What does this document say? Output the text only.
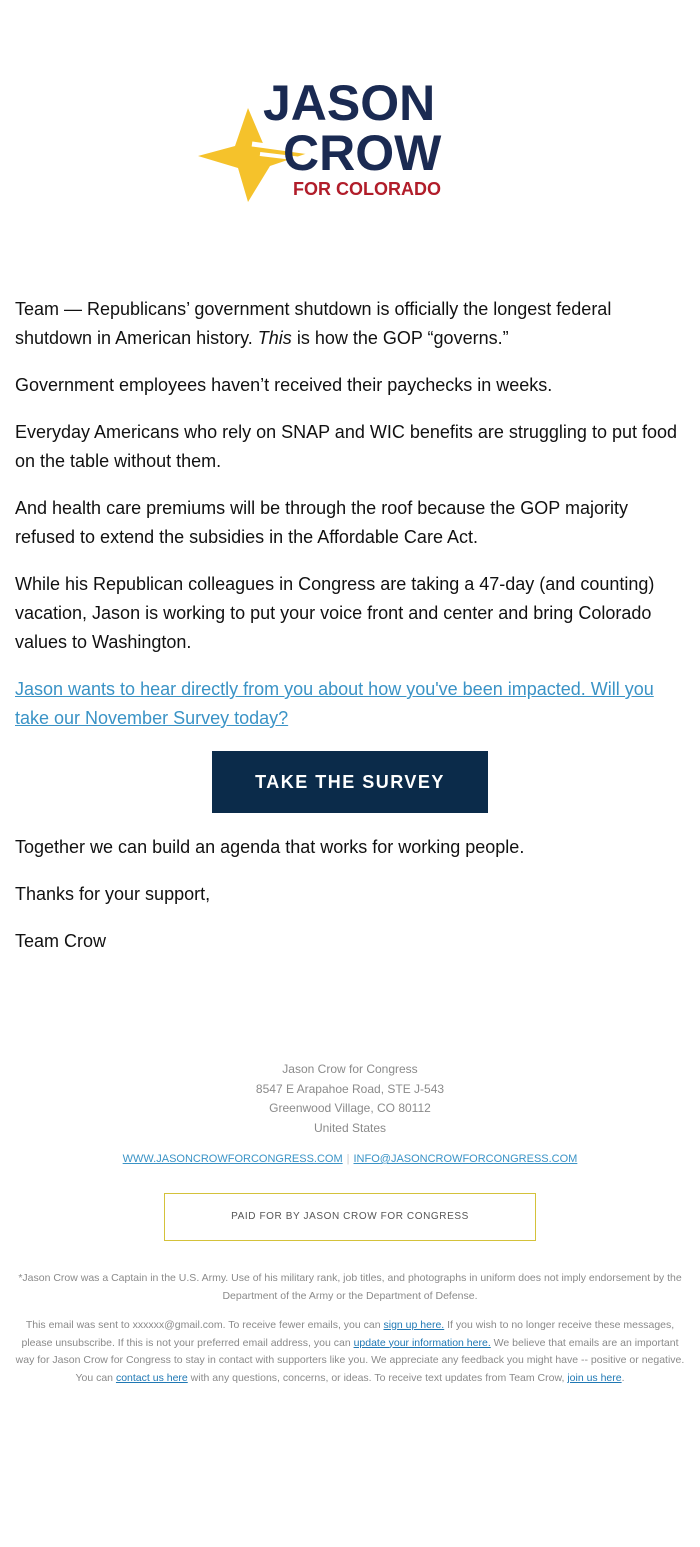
JASON
CROW
FOR COLORADO

Team — Republicans’ government shutdown is officially the longest federal shutdown in American history. This is how the GOP “governs.”

Government employees haven’t received their paychecks in weeks.

Everyday Americans who rely on SNAP and WIC benefits are struggling to put food on the table without them.

And health care premiums will be through the roof because the GOP majority refused to extend the subsidies in the Affordable Care Act.

While his Republican colleagues in Congress are taking a 47-day (and counting) vacation, Jason is working to put your voice front and center and bring Colorado values to Washington.

Jason wants to hear directly from you about how you've been impacted. Will you take our November Survey today?

TAKE THE SURVEY

Together we can build an agenda that works for working people.

Thanks for your support,

Team Crow

Jason Crow for Congress
8547 E Arapahoe Road, STE J-543
Greenwood Village, CO 80112
United States
WWW.JASONCROWFORCONGRESS.COM | INFO@JASONCROWFORCONGRESS.COM
PAID FOR BY JASON CROW FOR CONGRESS
*Jason Crow was a Captain in the U.S. Army. Use of his military rank, job titles, and photographs in uniform does not imply endorsement by the Department of the Army or the Department of Defense.
This email was sent to xxxxxx@gmail.com. To receive fewer emails, you can sign up here. If you wish to no longer receive these messages, please unsubscribe. If this is not your preferred email address, you can update your information here. We believe that emails are an important way for Jason Crow for Congress to stay in contact with supporters like you. We appreciate any feedback you might have -- positive or negative. You can contact us here with any questions, concerns, or ideas. To receive text updates from Team Crow, join us here.
